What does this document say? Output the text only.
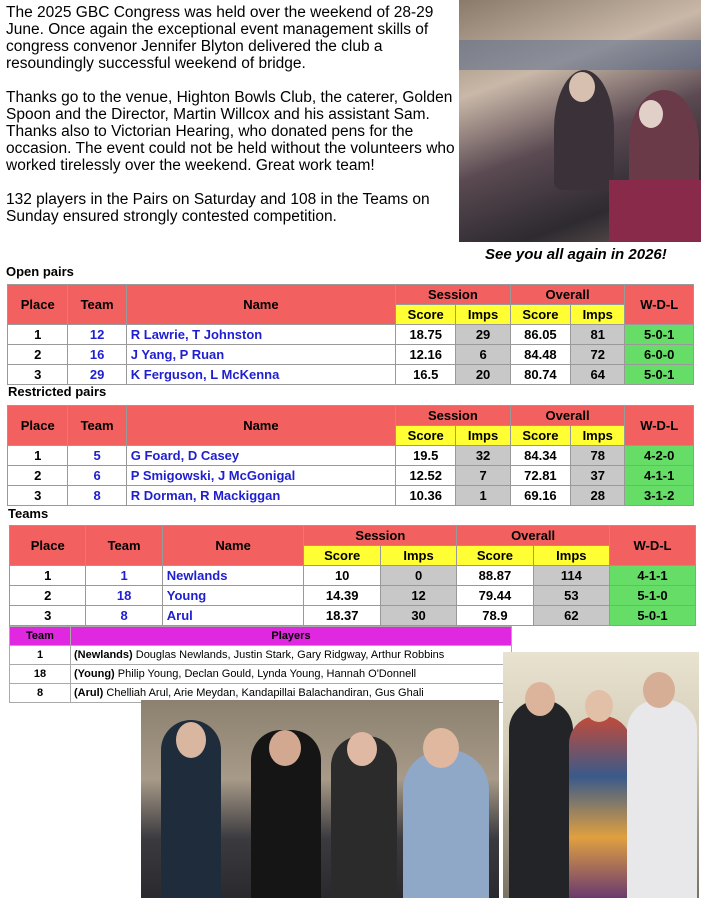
The 2025 GBC Congress was held over the weekend of 28-29 June. Once again the exceptional event management skills of congress convenor Jennifer Blyton delivered the club a resoundingly successful weekend of bridge.

Thanks go to the venue, Highton Bowls Club, the caterer, Golden Spoon and the Director, Martin Willcox and his assistant Sam. Thanks also to Victorian Hearing, who donated pens for the occasion. The event could not be held without the volunteers who worked tirelessly over the weekend. Great work team!

132 players in the Pairs on Saturday and 108 in the Teams on Sunday ensured strongly contested competition.

See you all again in 2026!
Open pairs
Place	Team	Name	Session		Overall		W-D-L
			Score	Imps	Score	Imps	
1	12	R Lawrie, T Johnston	18.75	29	86.05	81	5-0-1
2	16	J Yang, P Ruan	12.16	6	84.48	72	6-0-0
3	29	K Ferguson, L McKenna	16.5	20	80.74	64	5-0-1
Restricted pairs
Place	Team	Name	Session		Overall		W-D-L
			Score	Imps	Score	Imps	
1	5	G Foard, D Casey	19.5	32	84.34	78	4-2-0
2	6	P Smigowski, J McGonigal	12.52	7	72.81	37	4-1-1
3	8	R Dorman, R Mackiggan	10.36	1	69.16	28	3-1-2
Teams
Place	Team	Name	Session		Overall		W-D-L
			Score	Imps	Score	Imps	
1	1	Newlands	10	0	88.87	114	4-1-1
2	18	Young	14.39	12	79.44	53	5-1-0
3	8	Arul	18.37	30	78.9	62	5-0-1
Team	Players
1	(Newlands) Douglas Newlands, Justin Stark, Gary Ridgway, Arthur Robbins
18	(Young) Philip Young, Declan Gould, Lynda Young, Hannah O'Donnell
8	(Arul) Chelliah Arul, Arie Meydan, Kandapillai Balachandiran, Gus Ghali
